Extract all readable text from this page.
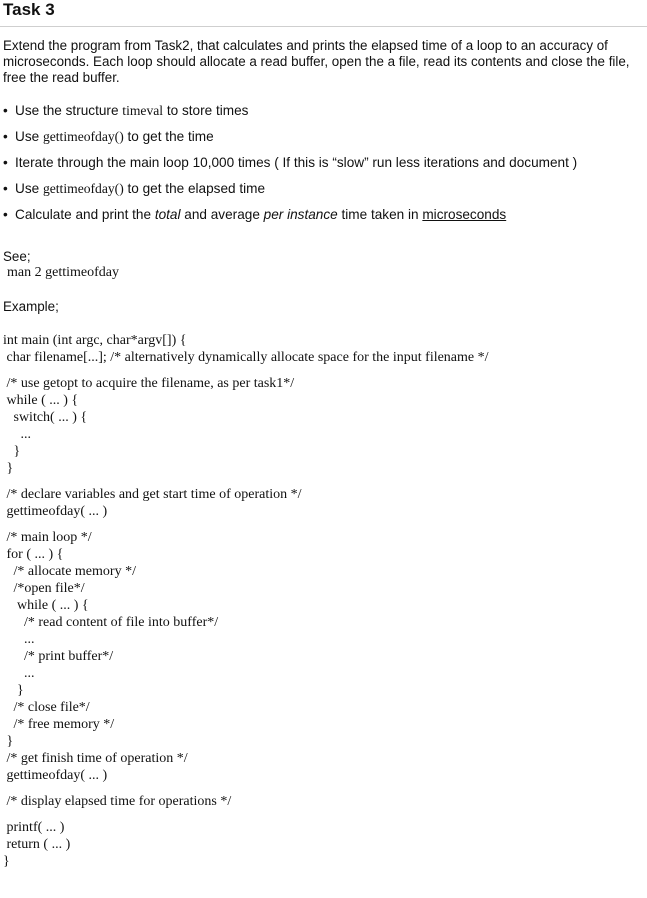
Task 3
Extend the program from Task2, that calculates and prints the elapsed time of a loop to an accuracy of microseconds. Each loop should allocate a read buffer, open the a file, read its contents and close the file, free the read buffer.
• Use the structure timeval to store times
• Use gettimeofday() to get the time
• Iterate through the main loop 10,000 times ( If this is “slow” run less iterations and document )
• Use gettimeofday() to get the elapsed time
• Calculate and print the total and average per instance time taken in microseconds
See;
man 2 gettimeofday
Example;
int main (int argc, char*argv[]) {
char filename[...]; /* alternatively dynamically allocate space for the input filename */
/* use getopt to acquire the filename, as per task1*/
while ( ... ) {
switch( ... ) {
...
}
}
/* declare variables and get start time of operation */
gettimeofday( ... )
/* main loop */
for ( ... ) {
/* allocate memory */
/*open file*/
while ( ... ) {
/* read content of file into buffer*/
...
/* print buffer*/
...
}
/* close file*/
/* free memory */
}
/* get finish time of operation */
gettimeofday( ... )
/* display elapsed time for operations */
printf( ... )
return ( ... )
}
